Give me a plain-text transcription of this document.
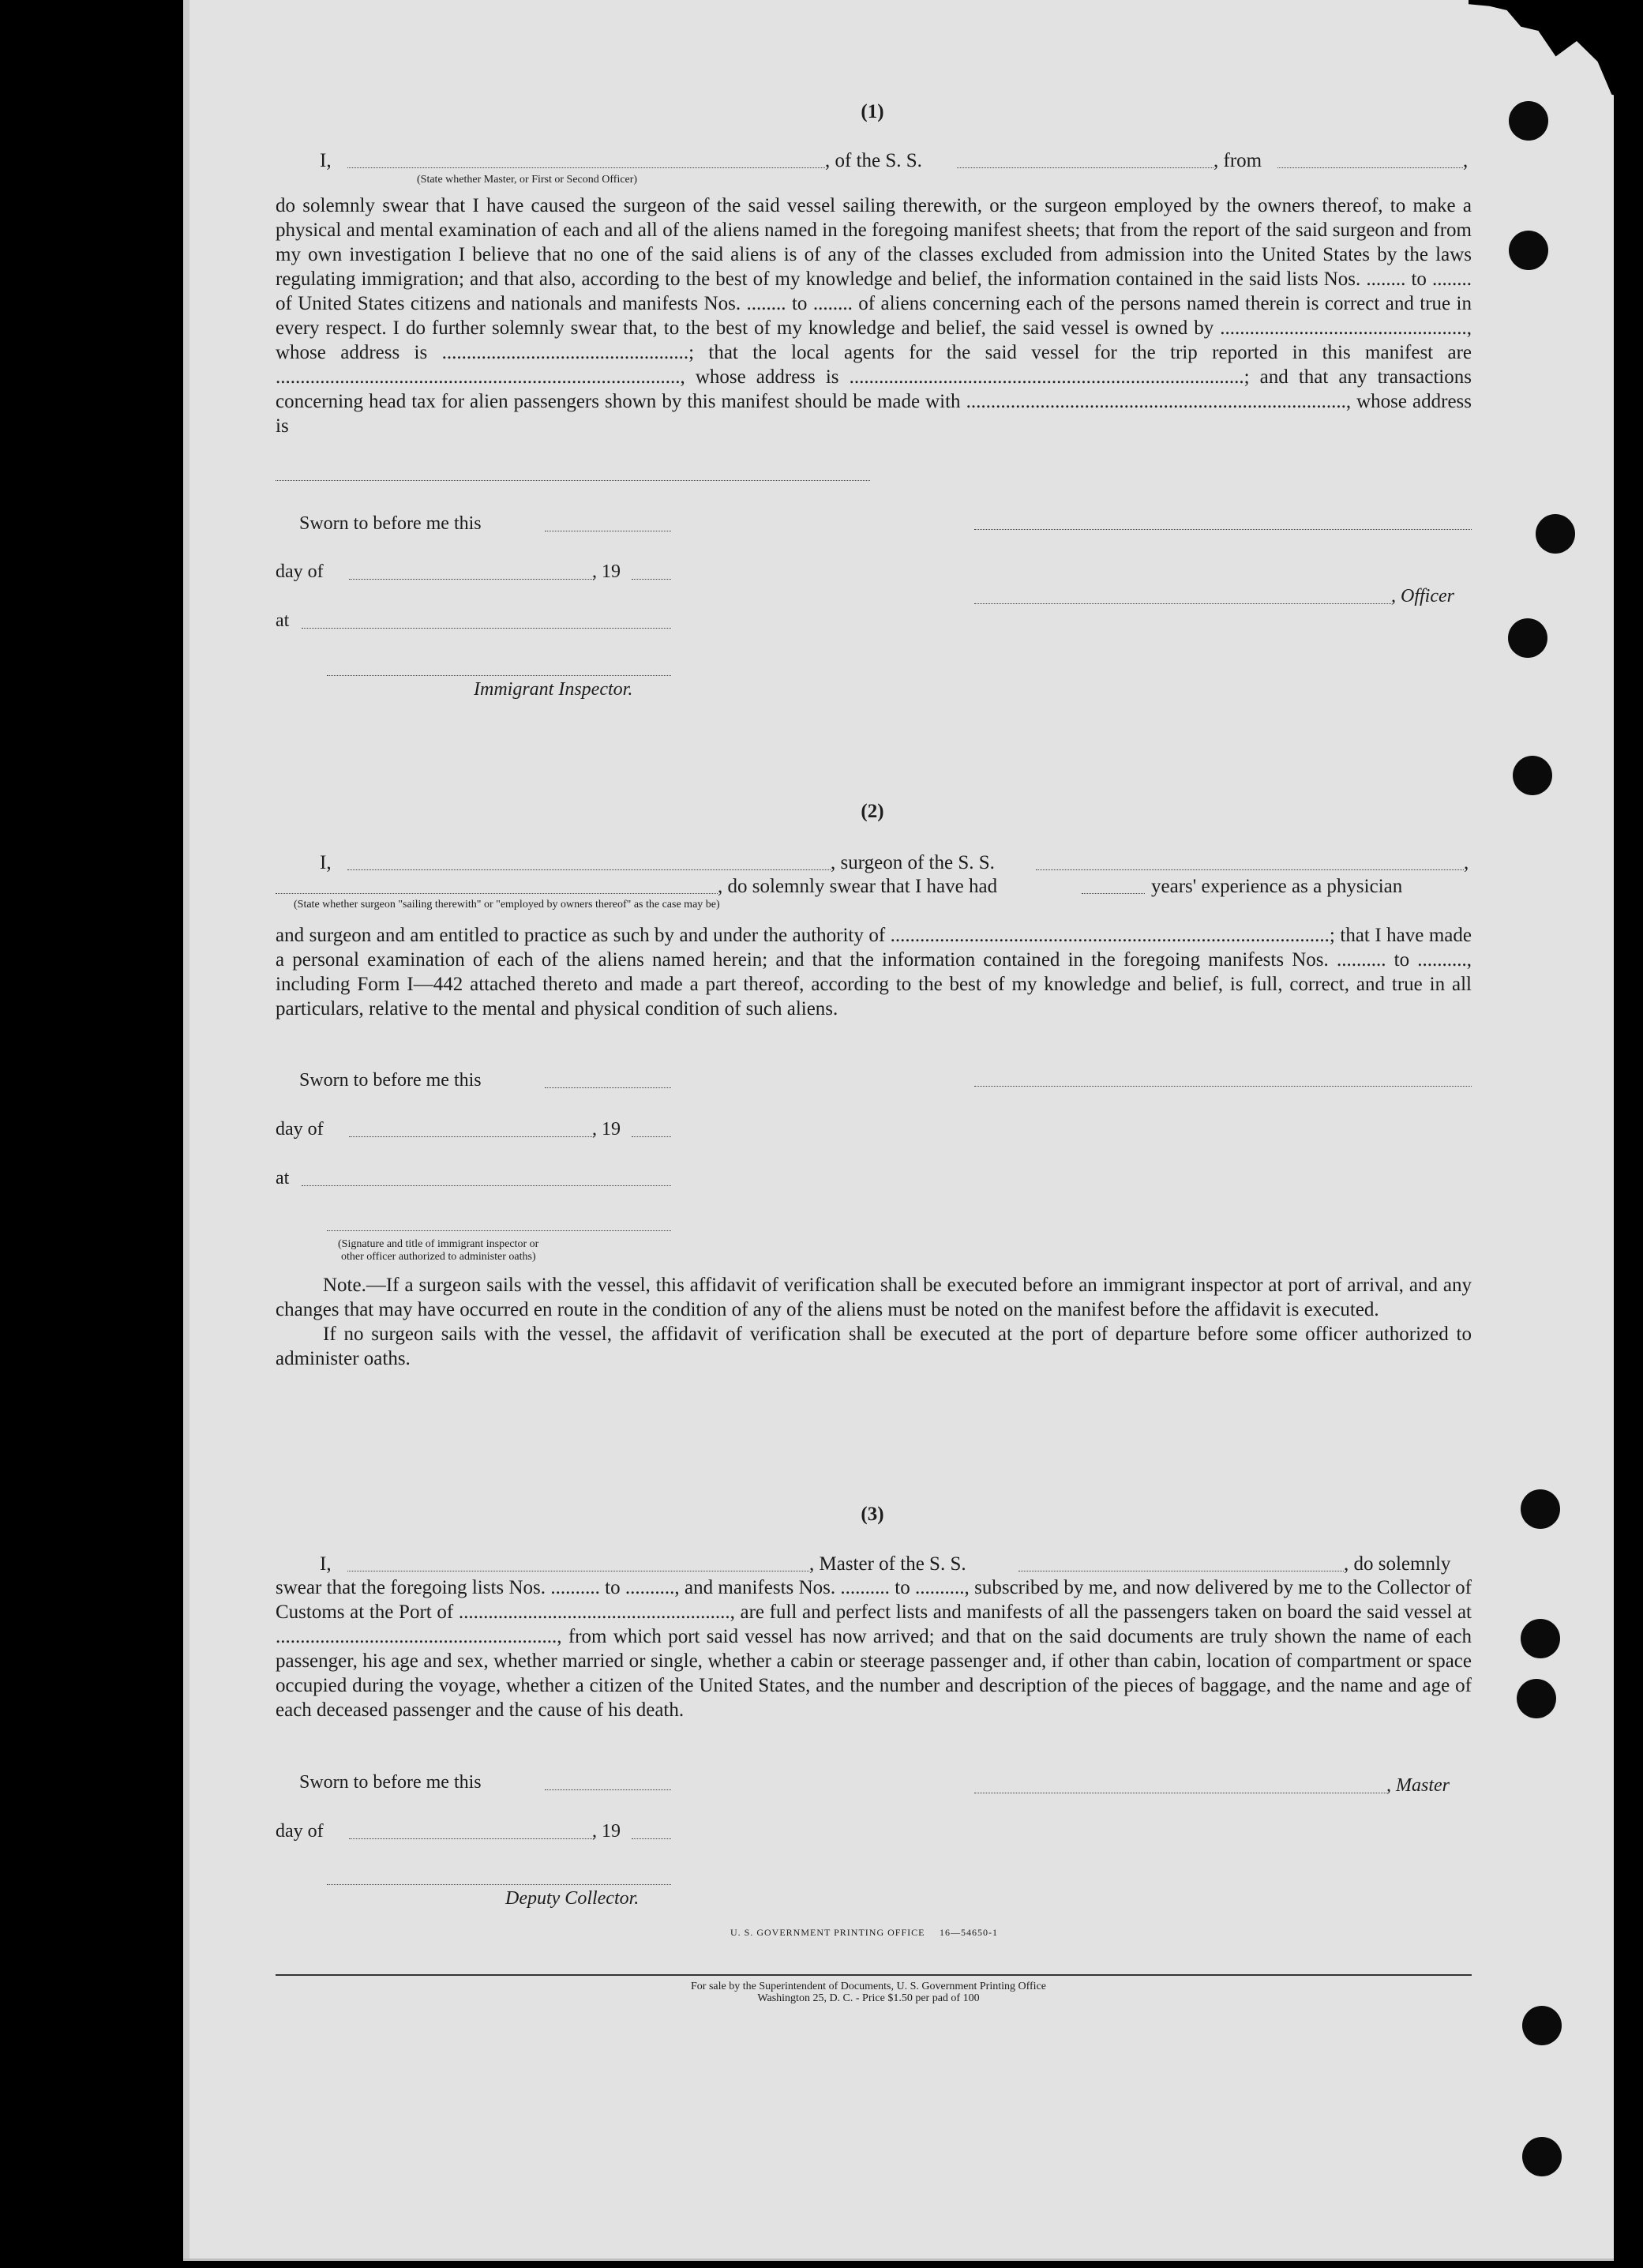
(1)
I,	, of the S. S.	, from	,
(State whether Master, or First or Second Officer)

do solemnly swear that I have caused the surgeon of the said vessel sailing therewith, or the surgeon employed by the owners thereof, to make a physical and mental examination of each and all of the aliens named in the foregoing manifest sheets; that from the report of the said surgeon and from my own investigation I believe that no one of the said aliens is of any of the classes excluded from admission into the United States by the laws regulating immigration; and that also, according to the best of my knowledge and belief, the information contained in the said lists Nos. ........ to ........ of United States citizens and nationals and manifests Nos. ........ to ........ of aliens concerning each of the persons named therein is correct and true in every respect. I do further solemnly swear that, to the best of my knowledge and belief, the said vessel is owned by .................................................., whose address is ..................................................; that the local agents for the said vessel for the trip reported in this manifest are .................................................................................., whose address is ................................................................................; and that any transactions concerning head tax for alien passengers shown by this manifest should be made with ............................................................................., whose address is

Sworn to before me this
day of	, 19
at
Immigrant Inspector.
, Officer
(2)
I,	, surgeon of the S. S.	,
, do solemnly swear that I have had	years' experience as a physician
(State whether surgeon "sailing therewith" or "employed by owners thereof" as the case may be)

and surgeon and am entitled to practice as such by and under the authority of .........................................................................................; that I have made a personal examination of each of the aliens named herein; and that the information contained in the foregoing manifests Nos. .......... to .........., including Form I—442 attached thereto and made a part thereof, according to the best of my knowledge and belief, is full, correct, and true in all particulars, relative to the mental and physical condition of such aliens.

Sworn to before me this
day of	, 19
at
(Signature and title of immigrant inspector or
other officer authorized to administer oaths)

Note.—If a surgeon sails with the vessel, this affidavit of verification shall be executed before an immigrant inspector at port of arrival, and any changes that may have occurred en route in the condition of any of the aliens must be noted on the manifest before the affidavit is executed.

If no surgeon sails with the vessel, the affidavit of verification shall be executed at the port of departure before some officer authorized to administer oaths.

(3)
I,	, Master of the S. S.	, do solemnly

swear that the foregoing lists Nos. .......... to .........., and manifests Nos. .......... to .........., subscribed by me, and now delivered by me to the Collector of Customs at the Port of ......................................................., are full and perfect lists and manifests of all the passengers taken on board the said vessel at ........................................................., from which port said vessel has now arrived; and that on the said documents are truly shown the name of each passenger, his age and sex, whether married or single, whether a cabin or steerage passenger and, if other than cabin, location of compartment or space occupied during the voyage, whether a citizen of the United States, and the number and description of the pieces of baggage, and the name and age of each deceased passenger and the cause of his death.

Sworn to before me this
day of	, 19
Deputy Collector.
, Master
U. S. GOVERNMENT PRINTING OFFICE 16—54650-1
For sale by the Superintendent of Documents, U. S. Government Printing Office
Washington 25, D. C. - Price $1.50 per pad of 100
